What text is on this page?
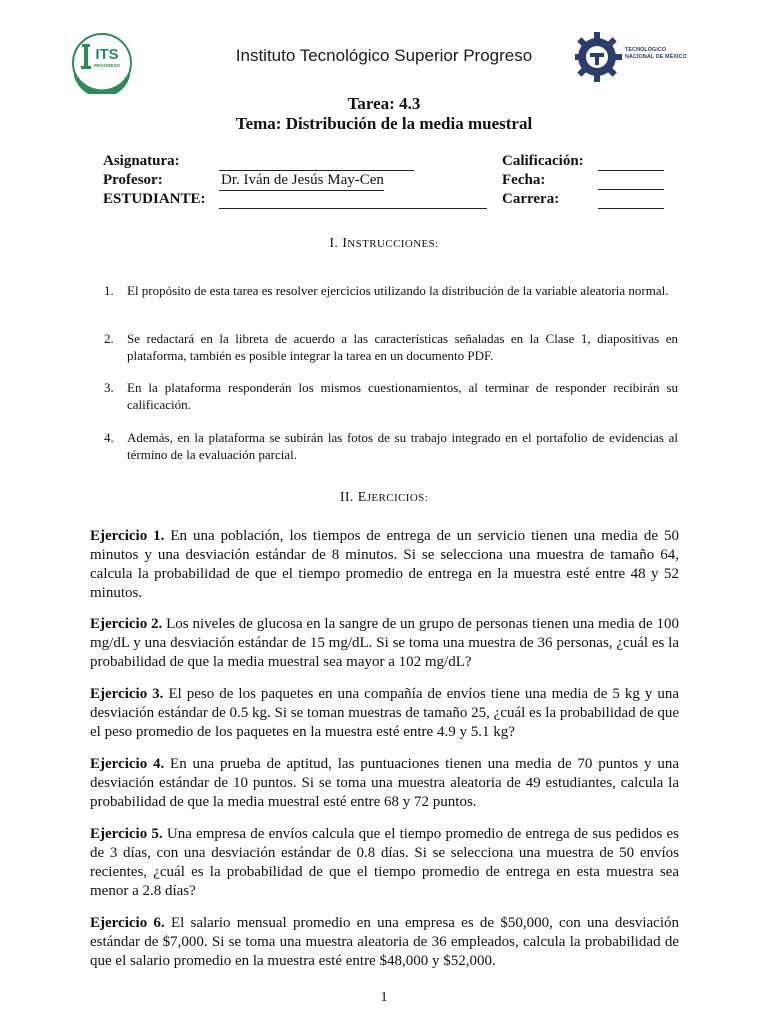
ITS
PROGRESO
Instituto Tecnológico Superior Progreso	TECNOLÓGICO
NACIONAL DE MÉXICO
Tarea: 4.3
Tema: Distribución de la media muestral
Asignatura:
Profesor:	Dr. Iván de Jesús May-Cen
ESTUDIANTE:
Calificación:
Fecha:
Carrera:
I. INSTRUCCIONES:
1. El propósito de esta tarea es resolver ejercicios utilizando la distribución de la variable aleatoria normal.
2. Se redactará en la libreta de acuerdo a las características señaladas en la Clase 1, diapositivas en plataforma, también es posible integrar la tarea en un documento PDF.
3. En la plataforma responderán los mismos cuestionamientos, al terminar de responder recibirán su calificación.
4. Además, en la plataforma se subirán las fotos de su trabajo integrado en el portafolio de evidencias al término de la evaluación parcial.
II. EJERCICIOS:
Ejercicio 1. En una población, los tiempos de entrega de un servicio tienen una media de 50 minutos y una desviación estándar de 8 minutos. Si se selecciona una muestra de tamaño 64, calcula la probabilidad de que el tiempo promedio de entrega en la muestra esté entre 48 y 52 minutos.
Ejercicio 2. Los niveles de glucosa en la sangre de un grupo de personas tienen una media de 100 mg/dL y una desviación estándar de 15 mg/dL. Si se toma una muestra de 36 personas, ¿cuál es la probabilidad de que la media muestral sea mayor a 102 mg/dL?
Ejercicio 3. El peso de los paquetes en una compañía de envíos tiene una media de 5 kg y una desviación estándar de 0.5 kg. Si se toman muestras de tamaño 25, ¿cuál es la probabilidad de que el peso promedio de los paquetes en la muestra esté entre 4.9 y 5.1 kg?
Ejercicio 4. En una prueba de aptitud, las puntuaciones tienen una media de 70 puntos y una desviación estándar de 10 puntos. Si se toma una muestra aleatoria de 49 estudiantes, calcula la probabilidad de que la media muestral esté entre 68 y 72 puntos.
Ejercicio 5. Una empresa de envíos calcula que el tiempo promedio de entrega de sus pedidos es de 3 días, con una desviación estándar de 0.8 días. Si se selecciona una muestra de 50 envíos recientes, ¿cuál es la probabilidad de que el tiempo promedio de entrega en esta muestra sea menor a 2.8 días?
Ejercicio 6. El salario mensual promedio en una empresa es de $50,000, con una desviación estándar de $7,000. Si se toma una muestra aleatoria de 36 empleados, calcula la probabilidad de que el salario promedio en la muestra esté entre $48,000 y $52,000.
1
